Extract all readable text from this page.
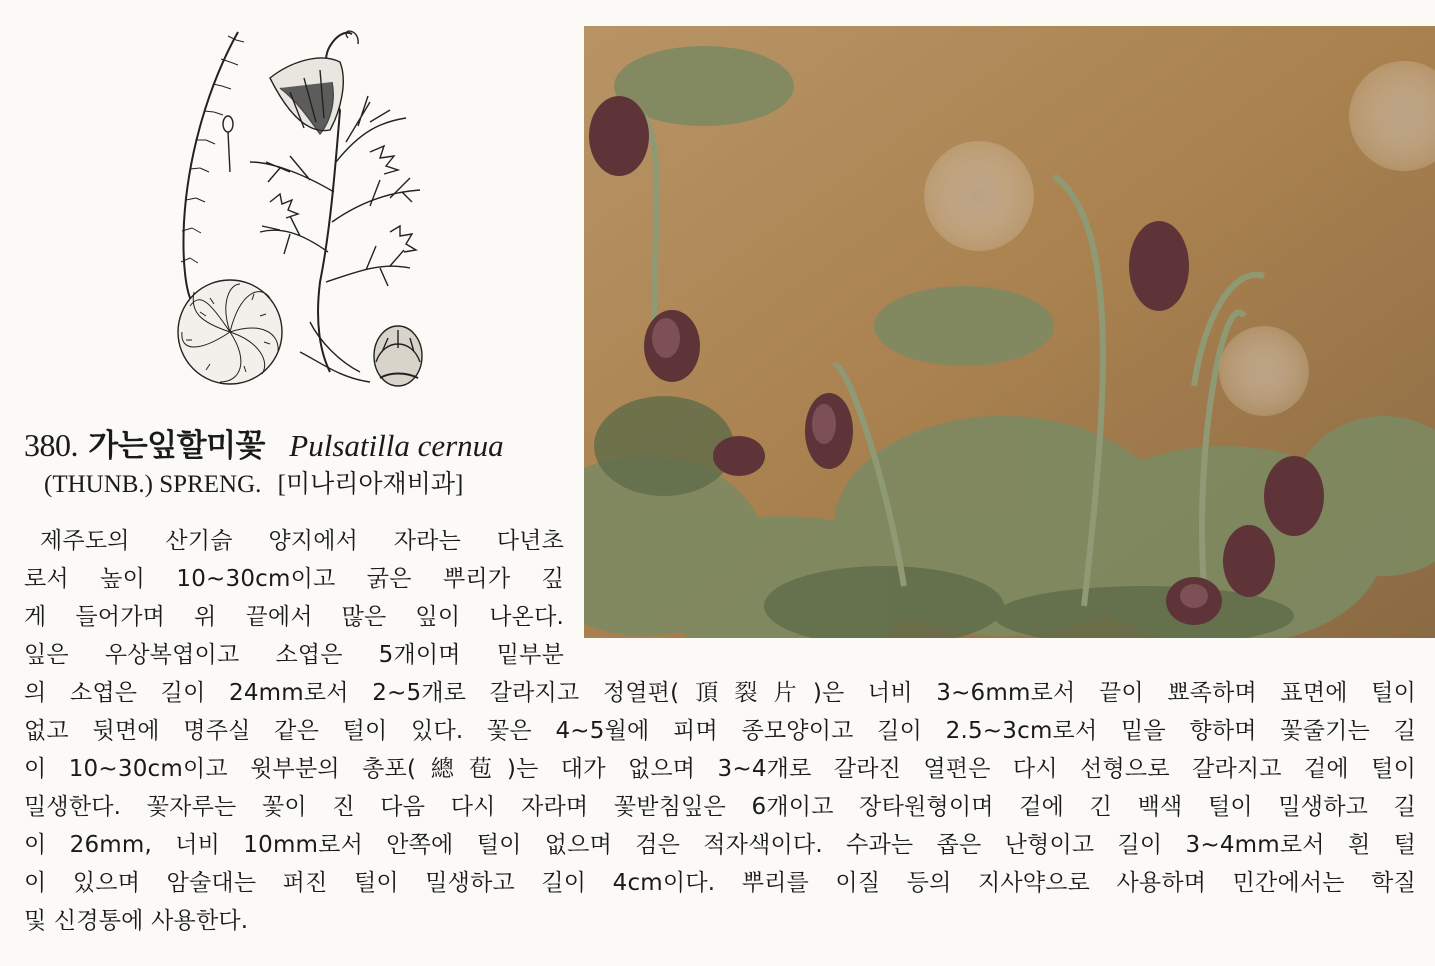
380. 가는잎할미꽃 Pulsatilla cernua
(THUNB.) SPRENG. [미나리아재비과]
제주도의 산기슭 양지에서 자라는 다년초
로서 높이 10~30cm이고 굵은 뿌리가 깊
게 들어가며 위 끝에서 많은 잎이 나온다.
잎은 우상복엽이고 소엽은 5개이며 밑부분
의 소엽은 길이 24mm로서 2~5개로 갈라지고 정열편(頂裂片)은 너비 3~6mm로서 끝이 뾰족하며 표면에 털이
없고 뒷면에 명주실 같은 털이 있다. 꽃은 4~5월에 피며 종모양이고 길이 2.5~3cm로서 밑을 향하며 꽃줄기는 길
이 10~30cm이고 윗부분의 총포(總苞)는 대가 없으며 3~4개로 갈라진 열편은 다시 선형으로 갈라지고 겉에 털이
밀생한다. 꽃자루는 꽃이 진 다음 다시 자라며 꽃받침잎은 6개이고 장타원형이며 겉에 긴 백색 털이 밀생하고 길
이 26mm, 너비 10mm로서 안쪽에 털이 없으며 검은 적자색이다. 수과는 좁은 난형이고 길이 3~4mm로서 흰 털
이 있으며 암술대는 퍼진 털이 밀생하고 길이 4cm이다. 뿌리를 이질 등의 지사약으로 사용하며 민간에서는 학질
및 신경통에 사용한다.
